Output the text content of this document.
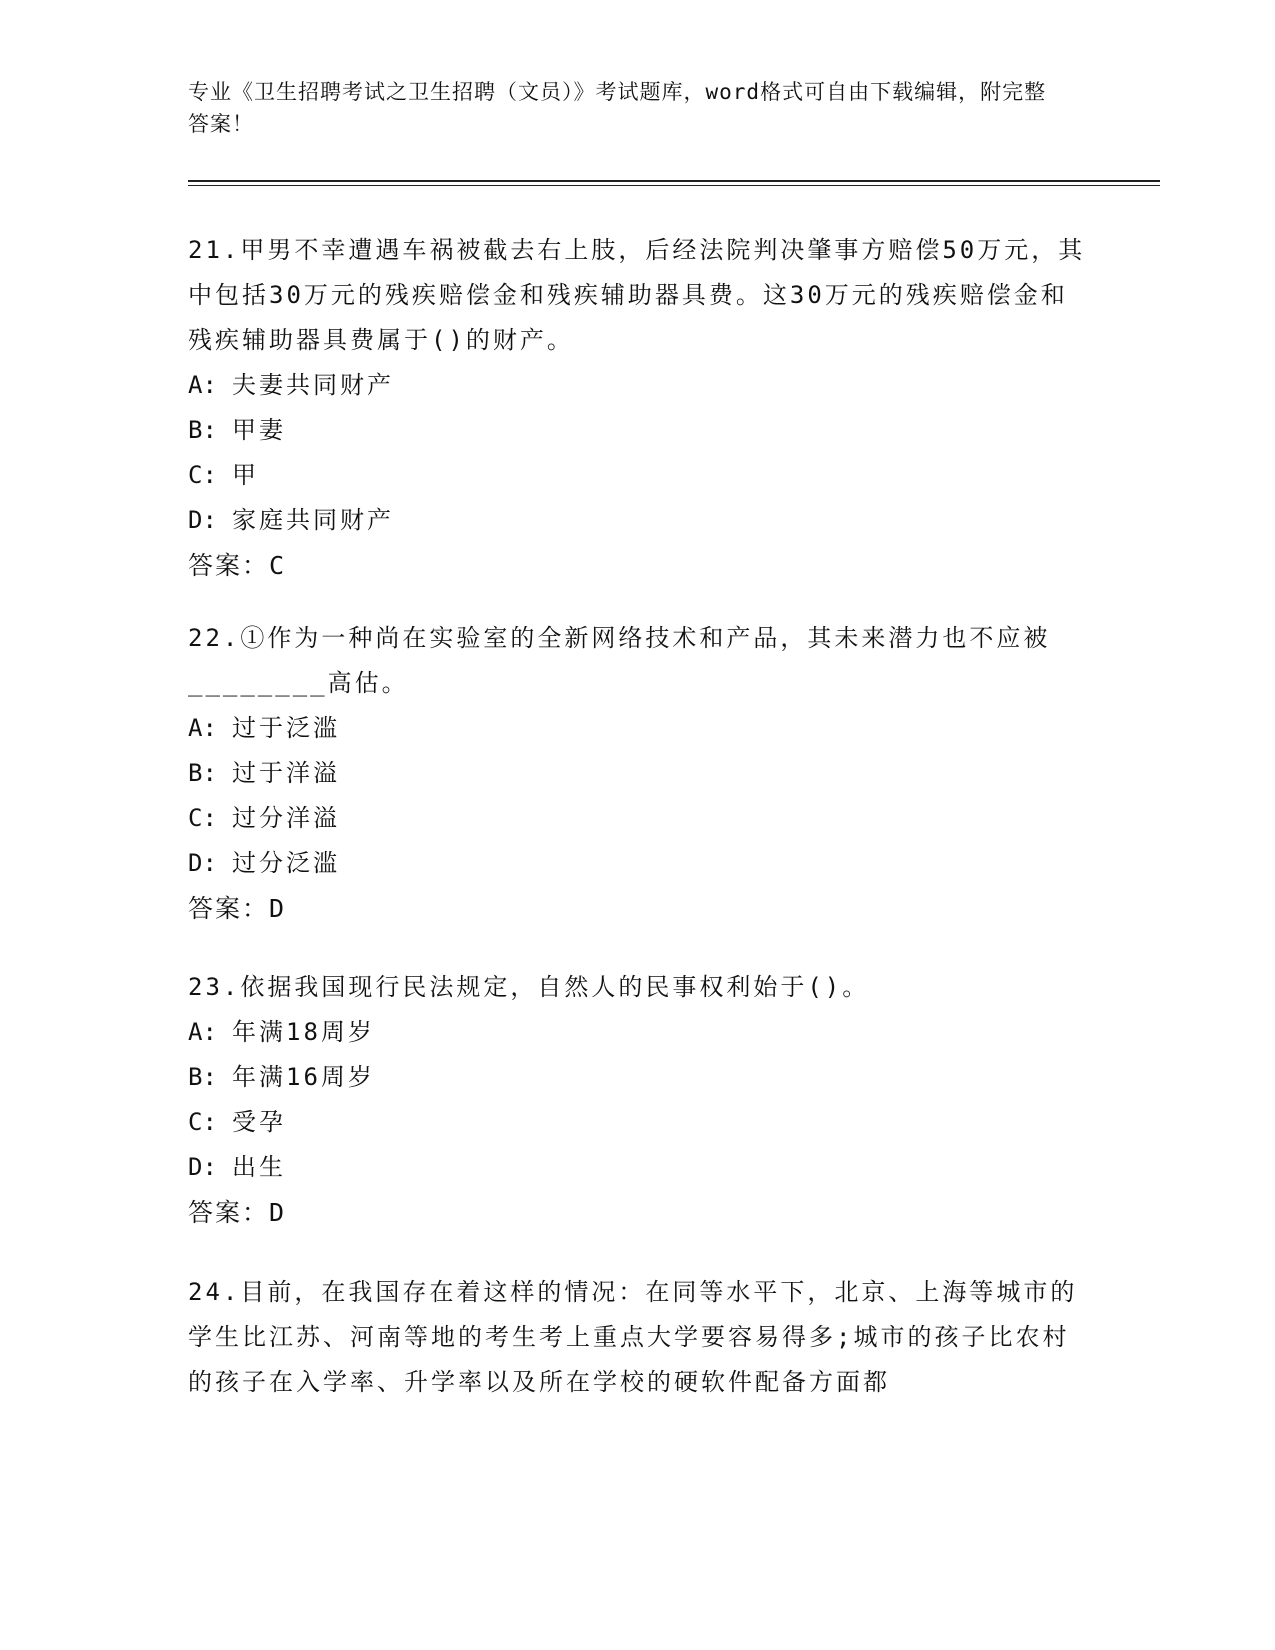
专业《卫生招聘考试之卫生招聘（文员）》考试题库，word格式可自由下载编辑，附完整答案！

21.甲男不幸遭遇车祸被截去右上肢，后经法院判决肇事方赔偿50万元，其中包括30万元的残疾赔偿金和残疾辅助器具费。这30万元的残疾赔偿金和残疾辅助器具费属于()的财产。

A: 夫妻共同财产
B: 甲妻
C: 甲
D: 家庭共同财产
答案：C

22.①作为一种尚在实验室的全新网络技术和产品，其未来潜力也不应被________高估。

A: 过于泛滥
B: 过于洋溢
C: 过分洋溢
D: 过分泛滥
答案：D

23.依据我国现行民法规定，自然人的民事权利始于()。

A: 年满18周岁
B: 年满16周岁
C: 受孕
D: 出生
答案：D

24.目前，在我国存在着这样的情况：在同等水平下，北京、上海等城市的学生比江苏、河南等地的考生考上重点大学要容易得多;城市的孩子比农村的孩子在入学率、升学率以及所在学校的硬软件配备方面都
